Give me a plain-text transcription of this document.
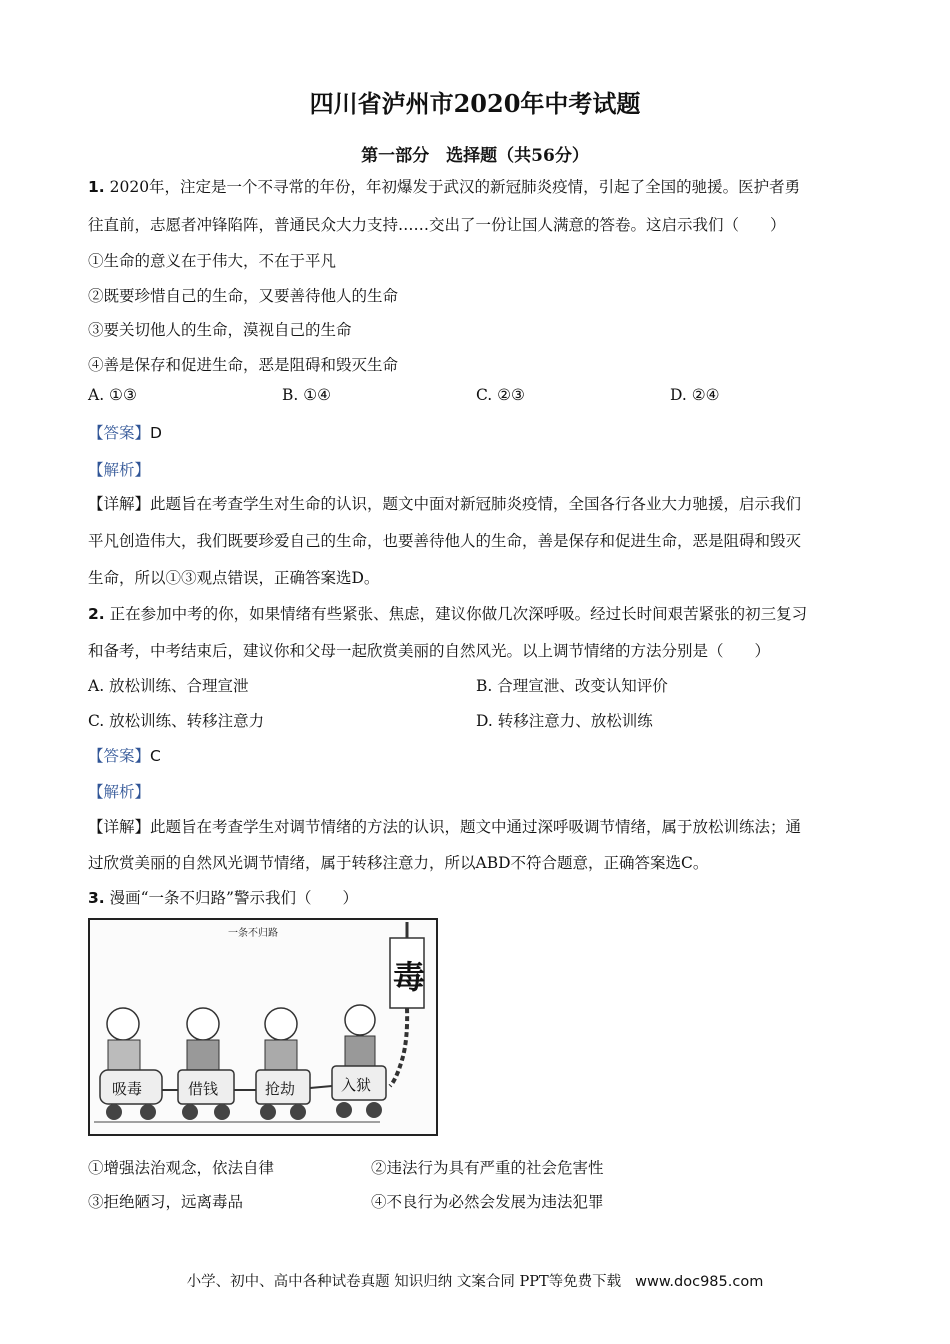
四川省泸州市2020年中考试题
第一部分　选择题（共56分）
1. 2020年，注定是一个不寻常的年份，年初爆发于武汉的新冠肺炎疫情，引起了全国的驰援。医护者勇
往直前，志愿者冲锋陷阵，普通民众大力支持……交出了一份让国人满意的答卷。这启示我们（　　）
①生命的意义在于伟大，不在于平凡
②既要珍惜自己的生命，又要善待他人的生命
③要关切他人的生命，漠视自己的生命
④善是保存和促进生命，恶是阻碍和毁灭生命
A. ①③	B. ①④	C. ②③	D. ②④
【答案】D
【解析】
【详解】此题旨在考查学生对生命的认识，题文中面对新冠肺炎疫情，全国各行各业大力驰援，启示我们
平凡创造伟大，我们既要珍爱自己的生命，也要善待他人的生命，善是保存和促进生命，恶是阻碍和毁灭
生命，所以①③观点错误，正确答案选D。
2. 正在参加中考的你，如果情绪有些紧张、焦虑，建议你做几次深呼吸。经过长时间艰苦紧张的初三复习
和备考，中考结束后，建议你和父母一起欣赏美丽的自然风光。以上调节情绪的方法分别是（　　）
A. 放松训练、合理宣泄	B. 合理宣泄、改变认知评价
C. 放松训练、转移注意力	D. 转移注意力、放松训练
【答案】C
【解析】
【详解】此题旨在考查学生对调节情绪的方法的认识，题文中通过深呼吸调节情绪，属于放松训练法；通
过欣赏美丽的自然风光调节情绪，属于转移注意力，所以ABD不符合题意，正确答案选C。
3. 漫画“一条不归路”警示我们（　　）
一条不归路
毒
吸毒	借钱	抢劫	入狱
①增强法治观念，依法自律	②违法行为具有严重的社会危害性
③拒绝陋习，远离毒品	④不良行为必然会发展为违法犯罪
小学、初中、高中各种试卷真题 知识归纳 文案合同 PPT等免费下载 www.doc985.com
